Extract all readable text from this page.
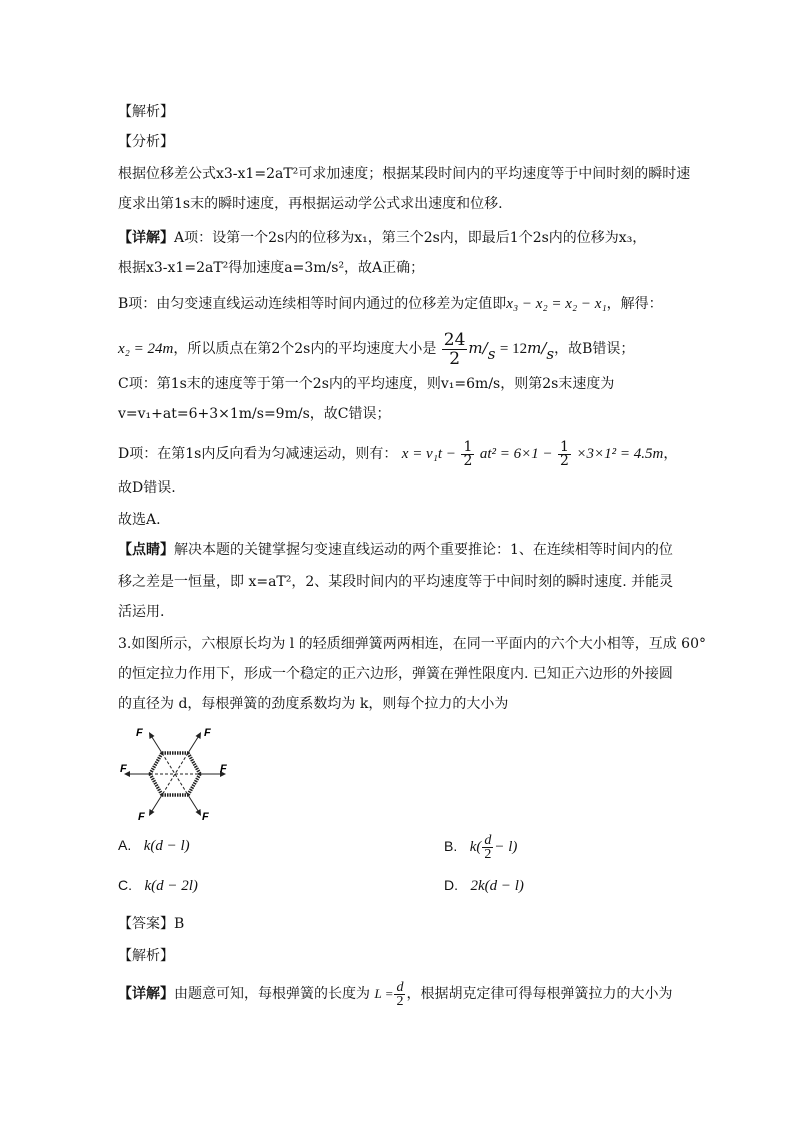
【解析】
【分析】
根据位移差公式x3-x1=2aT²可求加速度；根据某段时间内的平均速度等于中间时刻的瞬时速
度求出第1s末的瞬时速度，再根据运动学公式求出速度和位移.
【详解】A项：设第一个2s内的位移为x₁，第三个2s内，即最后1个2s内的位移为x₃，
根据x3-x1=2aT²得加速度a=3m/s²，故A正确；
B项：由匀变速直线运动连续相等时间内通过的位移差为定值即x₃ − x₂ = x₂ − x₁，解得：
x₂ = 24m，所以质点在第2个2s内的平均速度大小是 $\frac{24}{2} m/s = 12m/s$，故B错误；
C项：第1s末的速度等于第一个2s内的平均速度，则v₁=6m/s，则第2s末速度为
v=v₁+at=6+3×1m/s=9m/s，故C错误；
D项：在第1s内反向看为匀减速运动，则有： $x = v_1t - \frac{1}{2} at^2 = 6\times 1 - \frac{1}{2} \times 3\times 1^2 = 4.5m$，
故D错误.
故选A.
【点睛】解决本题的关键掌握匀变速直线运动的两个重要推论：1、在连续相等时间内的位
移之差是一恒量，即 x=aT²，2、某段时间内的平均速度等于中间时刻的瞬时速度. 并能灵
活运用.
3.如图所示，六根原长均为 l 的轻质细弹簧两两相连，在同一平面内的六个大小相等，互成 60°
的恒定拉力作用下，形成一个稳定的正六边形，弹簧在弹性限度内. 已知正六边形的外接圆
的直径为 d，每根弹簧的劲度系数均为 k，则每个拉力的大小为
F	F
F	F
F	F
A. k(d − l)	B. $k( \frac{d}{2} - l)$
C. k(d − 2l)	D. 2k(d − l)
【答案】B
【解析】
【详解】由题意可知，每根弹簧的长度为 $L = \frac{d}{2}$ ，根据胡克定律可得每根弹簧拉力的大小为
